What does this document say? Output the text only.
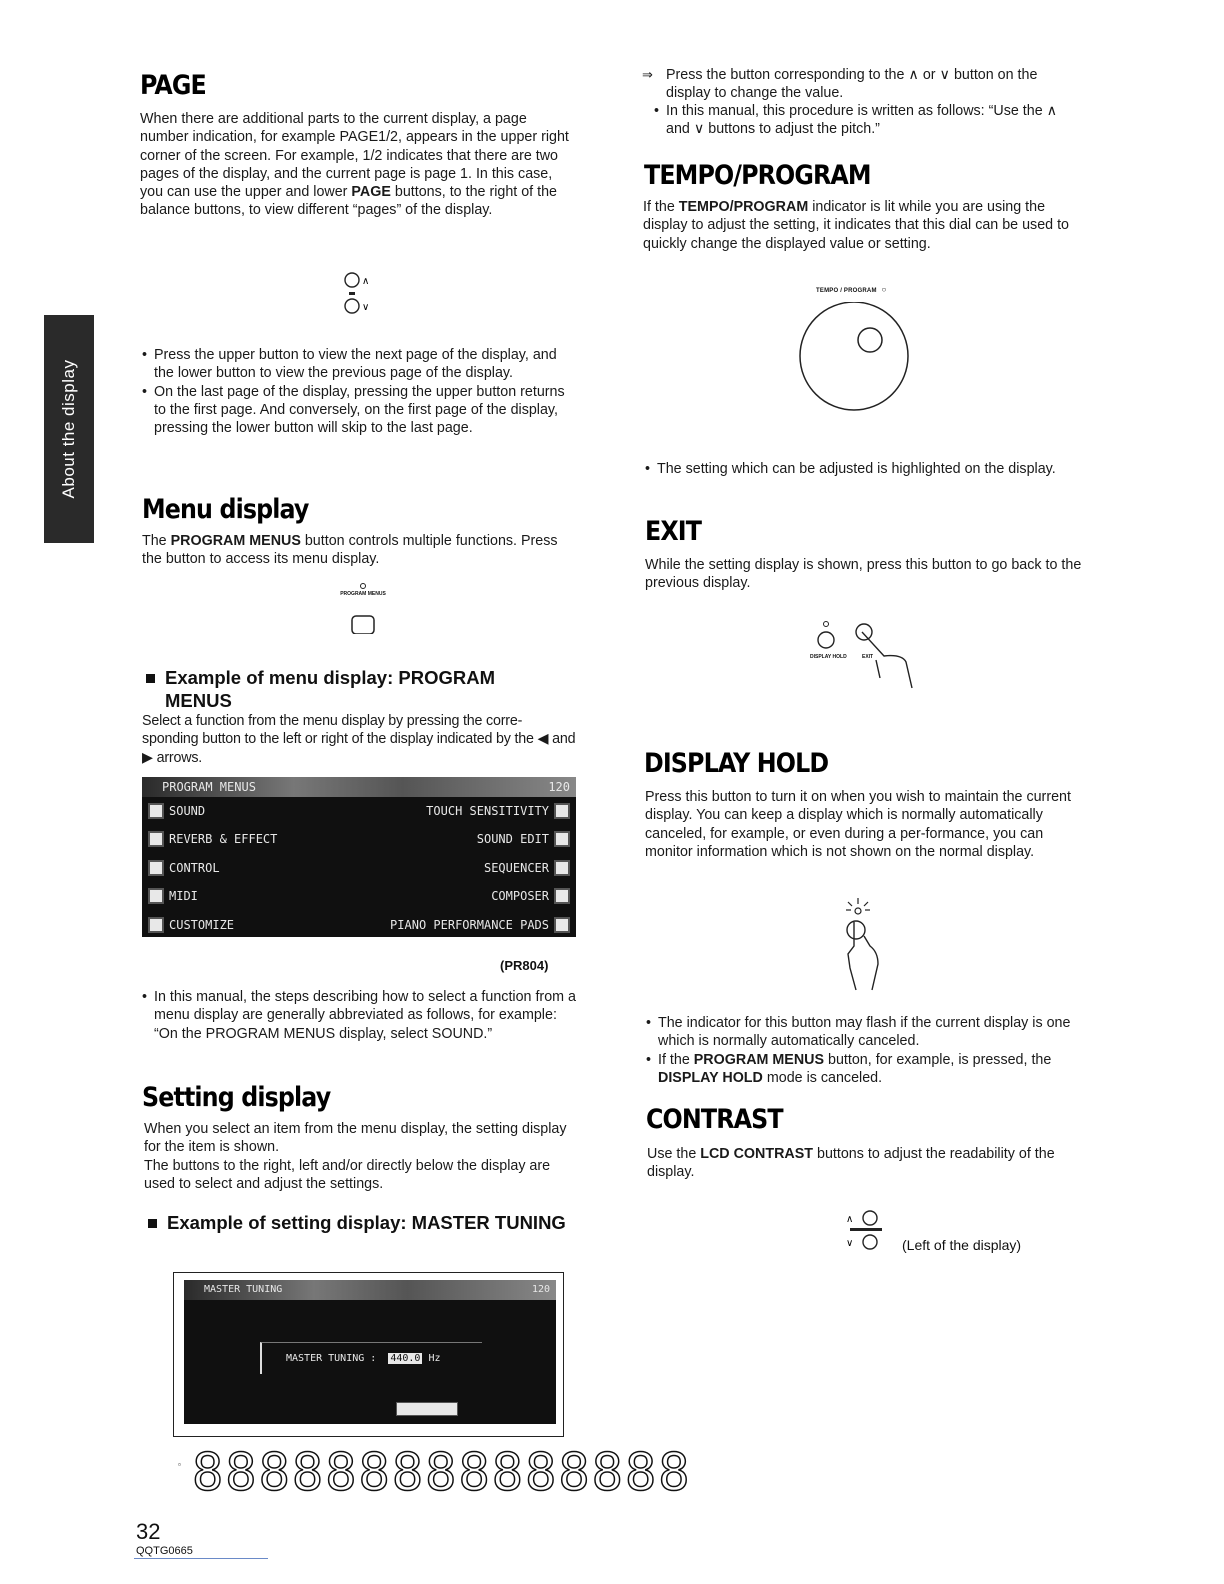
About the display
PAGE

When there are additional parts to the current display, a page number indication, for example PAGE1/2, appears in the upper right corner of the screen. For example, 1/2 indicates that there are two pages of the display, and the current page is page 1. In this case, you can use the upper and lower PAGE buttons, to the right of the balance buttons, to view different “pages” of the display.

∧
∨
• Press the upper button to view the next page of the display, and the lower button to view the previous page of the display.
• On the last page of the display, pressing the upper button returns to the first page. And conversely, on the first page of the display, pressing the lower button will skip to the last page.
Menu display

The PROGRAM MENUS button controls multiple functions. Press the button to access its menu display.

PROGRAM MENUS
Example of menu display: PROGRAM MENUS

Select a function from the menu display by pressing the corre-sponding button to the left or right of the display indicated by the ◀ and ▶ arrows.

PROGRAM MENUS	120
SOUND	TOUCH SENSITIVITY
REVERB & EFFECT	SOUND EDIT
CONTROL	SEQUENCER
MIDI	COMPOSER
CUSTOMIZE	PIANO PERFORMANCE PADS
(PR804)
• In this manual, the steps describing how to select a function from a menu display are generally abbreviated as follows, for example: “On the PROGRAM MENUS display, select SOUND.”
Setting display

When you select an item from the menu display, the setting display for the item is shown.

The buttons to the right, left and/or directly below the display are used to select and adjust the settings.

Example of setting display: MASTER TUNING
MASTER TUNING	120
MASTER TUNING : 440.0 Hz
▫ 888888888888888
32
QQTG0665
⇒ Press the button corresponding to the ∧ or ∨ button on the display to change the value.
• In this manual, this procedure is written as follows: “Use the ∧ and ∨ buttons to adjust the pitch.”
TEMPO/PROGRAM

If the TEMPO/PROGRAM indicator is lit while you are using the display to adjust the setting, it indicates that this dial can be used to quickly change the displayed value or setting.

TEMPO / PROGRAM ○
• The setting which can be adjusted is highlighted on the display.
EXIT

While the setting display is shown, press this button to go back to the previous display.

DISPLAY HOLD	EXIT
DISPLAY HOLD

Press this button to turn it on when you wish to maintain the current display. You can keep a display which is normally automatically canceled, for example, or even during a per-formance, you can monitor information which is not shown on the normal display.

• The indicator for this button may flash if the current display is one which is normally automatically canceled.
• If the PROGRAM MENUS button, for example, is pressed, the DISPLAY HOLD mode is canceled.
CONTRAST

Use the LCD CONTRAST buttons to adjust the readability of the display.

∧
∨	(Left of the display)
